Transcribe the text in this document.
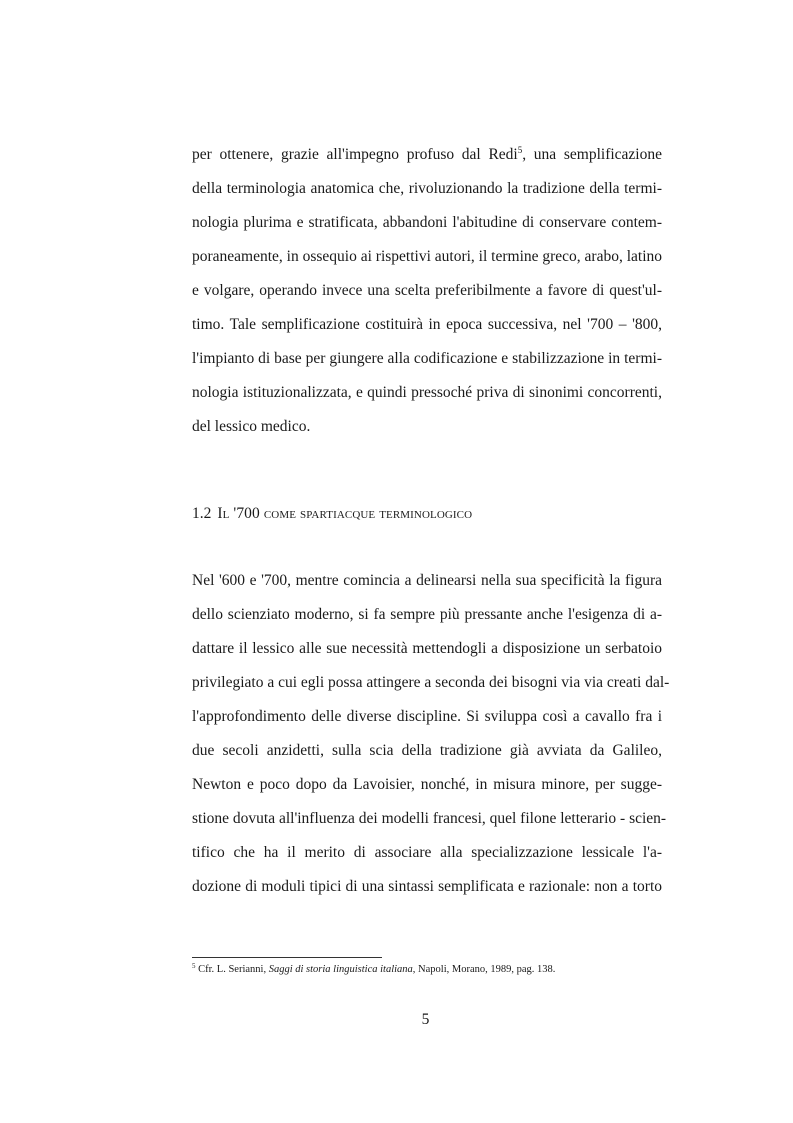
per ottenere, grazie all'impegno profuso dal Redi$^5$, una semplificazione
della terminologia anatomica che, rivoluzionando la tradizione della termi-
nologia plurima e stratificata, abbandoni l'abitudine di conservare contem-
poraneamente, in ossequio ai rispettivi autori, il termine greco, arabo, latino
e volgare, operando invece una scelta preferibilmente a favore di quest'ul-
timo. Tale semplificazione costituirà in epoca successiva, nel '700 – '800,
l'impianto di base per giungere alla codificazione e stabilizzazione in termi-
nologia istituzionalizzata, e quindi pressoché priva di sinonimi concorrenti,
del lessico medico.
1.2 Il '700 come spartiacque terminologico
Nel '600 e '700, mentre comincia a delinearsi nella sua specificità la figura
dello scienziato moderno, si fa sempre più pressante anche l'esigenza di a-
dattare il lessico alle sue necessità mettendogli a disposizione un serbatoio
privilegiato a cui egli possa attingere a seconda dei bisogni via via creati dal-
l'approfondimento delle diverse discipline. Si sviluppa così a cavallo fra i
due secoli anzidetti, sulla scia della tradizione già avviata da Galileo,
Newton e poco dopo da Lavoisier, nonché, in misura minore, per sugge-
stione dovuta all'influenza dei modelli francesi, quel filone letterario - scien-
tifico che ha il merito di associare alla specializzazione lessicale l'a-
dozione di moduli tipici di una sintassi semplificata e razionale: non a torto
$^5$ Cfr. L. Serianni, Saggi di storia linguistica italiana, Napoli, Morano, 1989, pag. 138.
5
